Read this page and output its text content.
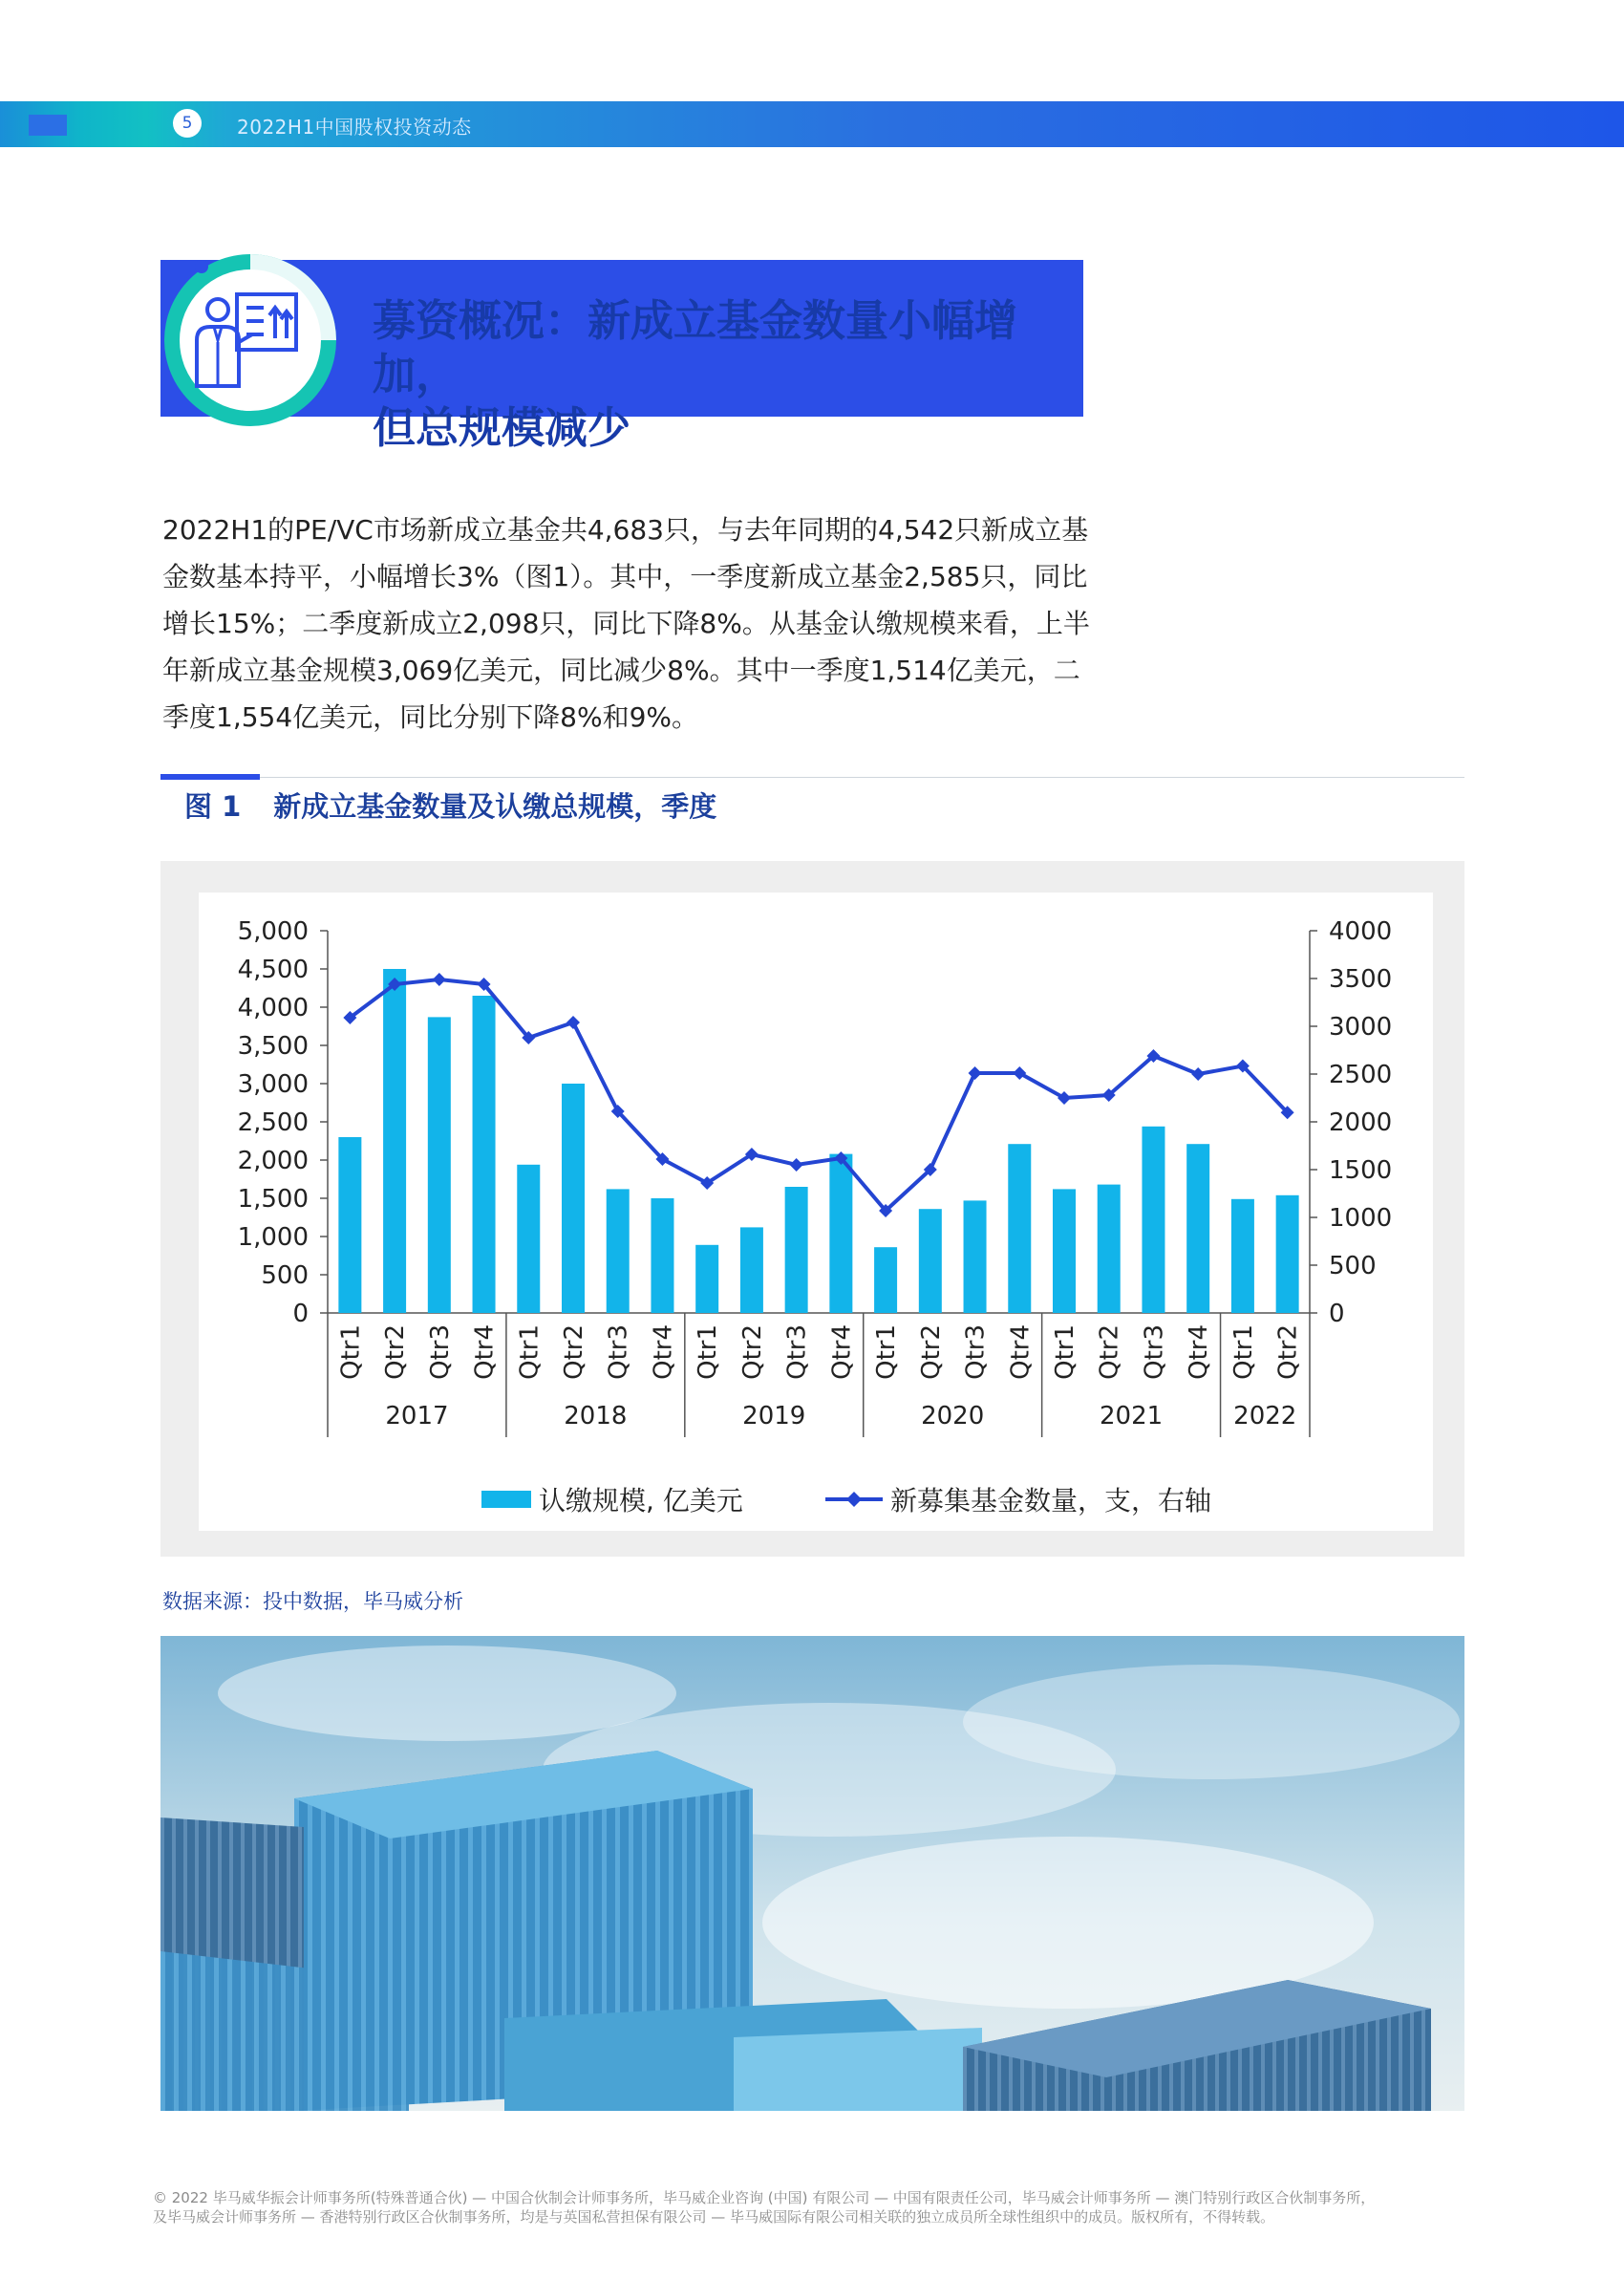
5	2022H1中国股权投资动态
募资概况：新成立基金数量小幅增加，
但总规模减少
2022H1的PE/VC市场新成立基金共4,683只，与去年同期的4,542只新成立基金数基本持平，小幅增长3%（图1）。其中，一季度新成立基金2,585只，同比增长15%；二季度新成立2,098只，同比下降8%。从基金认缴规模来看，上半年新成立基金规模3,069亿美元，同比减少8%。其中一季度1,514亿美元，二季度1,554亿美元，同比分别下降8%和9%。
图 1 新成立基金数量及认缴总规模，季度
0
500
1,000
1,500
2,000
2,500
3,000
3,500
4,000
4,500
5,000
0
500
1000
1500
2000
2500
3000
3500
4000
Qtr1 Qtr2 Qtr3 Qtr4 Qtr1 Qtr2 Qtr3 Qtr4 Qtr1 Qtr2 Qtr3 Qtr4 Qtr1 Qtr2 Qtr3 Qtr4 Qtr1 Qtr2 Qtr3 Qtr4 Qtr1 Qtr2
2017	2018	2019	2020	2021	2022
认缴规模, 亿美元	新募集基金数量，支，右轴
数据来源：投中数据，毕马威分析
© 2022 毕马威华振会计师事务所(特殊普通合伙) — 中国合伙制会计师事务所，毕马威企业咨询 (中国) 有限公司 — 中国有限责任公司，毕马威会计师事务所 — 澳门特别行政区合伙制事务所，
及毕马威会计师事务所 — 香港特别行政区合伙制事务所，均是与英国私营担保有限公司 — 毕马威国际有限公司相关联的独立成员所全球性组织中的成员。版权所有，不得转载。
